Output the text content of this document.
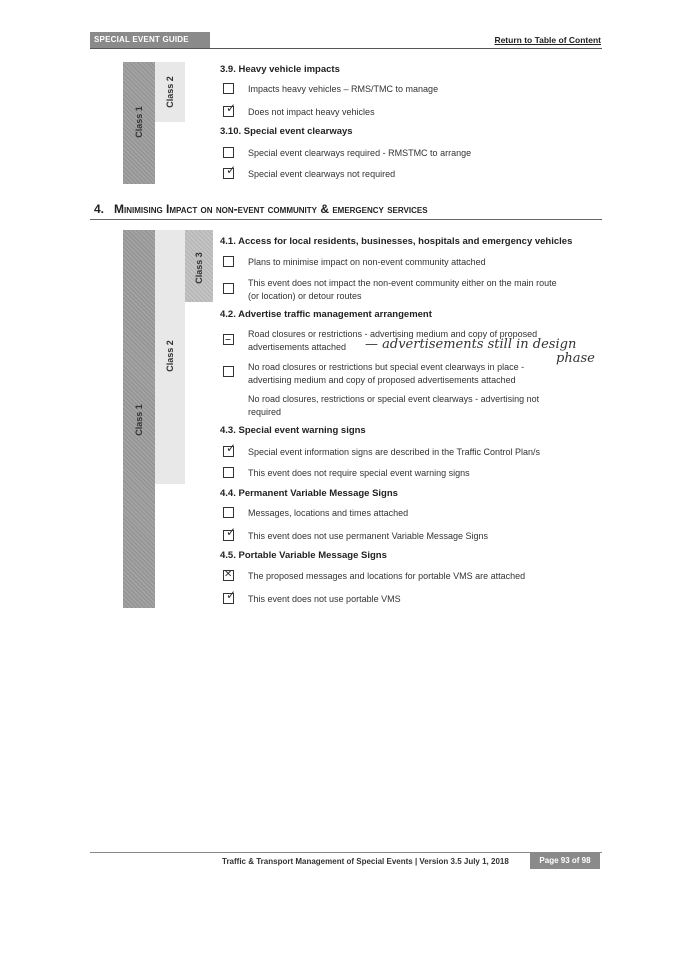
SPECIAL EVENT GUIDE	Return to Table of Content
Class 1
Class 2
3.9. Heavy vehicle impacts
Impacts heavy vehicles – RMS/TMC to manage
✓ Does not impact heavy vehicles
3.10. Special event clearways
Special event clearways required - RMSTMC to arrange
✓ Special event clearways not required
4. Minimising Impact on non-event community & emergency services
Class 1
Class 2
Class 3
4.1. Access for local residents, businesses, hospitals and emergency vehicles
Plans to minimise impact on non-event community attached
This event does not impact the non-event community either on the main route
(or location) or detour routes
4.2. Advertise traffic management arrangement
– Road closures or restrictions - advertising medium and copy of proposed
advertisements attached — advertisements still in design
phase
No road closures or restrictions but special event clearways in place -
advertising medium and copy of proposed advertisements attached
No road closures, restrictions or special event clearways - advertising not
required
4.3. Special event warning signs
✓ Special event information signs are described in the Traffic Control Plan/s
This event does not require special event warning signs
4.4. Permanent Variable Message Signs
Messages, locations and times attached
✓ This event does not use permanent Variable Message Signs
4.5. Portable Variable Message Signs
✕ The proposed messages and locations for portable VMS are attached
✓ This event does not use portable VMS
Traffic & Transport Management of Special Events | Version 3.5 July 1, 2018	Page 93 of 98
